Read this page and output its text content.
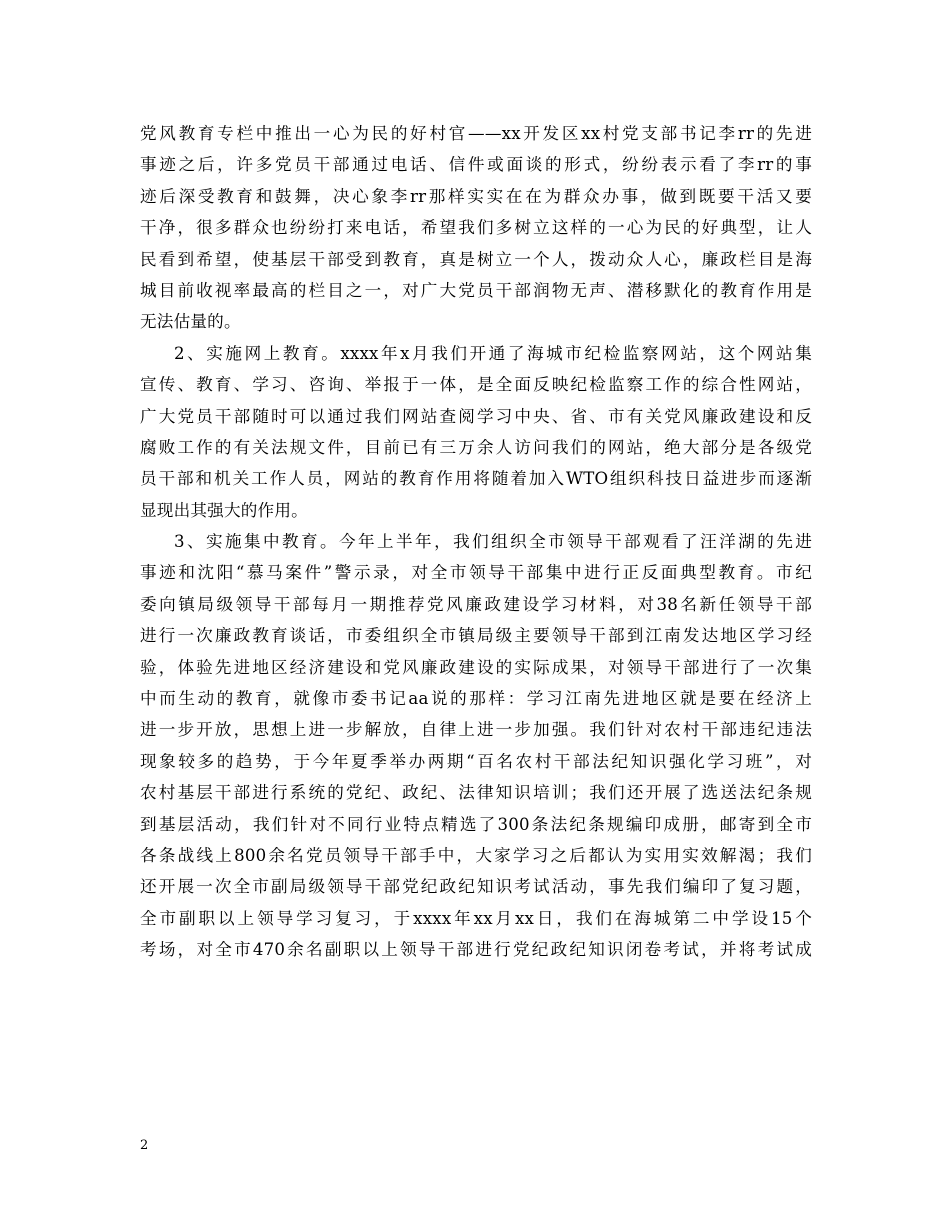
党风教育专栏中推出一心为民的好村官——xx开发区xx村党支部书记李rr的先进
事迹之后，许多党员干部通过电话、信件或面谈的形式，纷纷表示看了李rr的事
迹后深受教育和鼓舞，决心象李rr那样实实在在为群众办事，做到既要干活又要
干净，很多群众也纷纷打来电话，希望我们多树立这样的一心为民的好典型，让人
民看到希望，使基层干部受到教育，真是树立一个人，拨动众人心，廉政栏目是海
城目前收视率最高的栏目之一，对广大党员干部润物无声、潜移默化的教育作用是
无法估量的。
2、实施网上教育。xxxx年x月我们开通了海城市纪检监察网站，这个网站集
宣传、教育、学习、咨询、举报于一体，是全面反映纪检监察工作的综合性网站，
广大党员干部随时可以通过我们网站查阅学习中央、省、市有关党风廉政建设和反
腐败工作的有关法规文件，目前已有三万余人访问我们的网站，绝大部分是各级党
员干部和机关工作人员，网站的教育作用将随着加入WTO组织科技日益进步而逐渐
显现出其强大的作用。
3、实施集中教育。今年上半年，我们组织全市领导干部观看了汪洋湖的先进
事迹和沈阳“慕马案件”警示录，对全市领导干部集中进行正反面典型教育。市纪
委向镇局级领导干部每月一期推荐党风廉政建设学习材料，对38名新任领导干部
进行一次廉政教育谈话，市委组织全市镇局级主要领导干部到江南发达地区学习经
验，体验先进地区经济建设和党风廉政建设的实际成果，对领导干部进行了一次集
中而生动的教育，就像市委书记aa说的那样：学习江南先进地区就是要在经济上
进一步开放，思想上进一步解放，自律上进一步加强。我们针对农村干部违纪违法
现象较多的趋势，于今年夏季举办两期“百名农村干部法纪知识强化学习班”，对
农村基层干部进行系统的党纪、政纪、法律知识培训；我们还开展了选送法纪条规
到基层活动，我们针对不同行业特点精选了300条法纪条规编印成册，邮寄到全市
各条战线上800余名党员领导干部手中，大家学习之后都认为实用实效解渴；我们
还开展一次全市副局级领导干部党纪政纪知识考试活动，事先我们编印了复习题，
全市副职以上领导学习复习，于xxxx年xx月xx日，我们在海城第二中学设15个
考场，对全市470余名副职以上领导干部进行党纪政纪知识闭卷考试，并将考试成
2
